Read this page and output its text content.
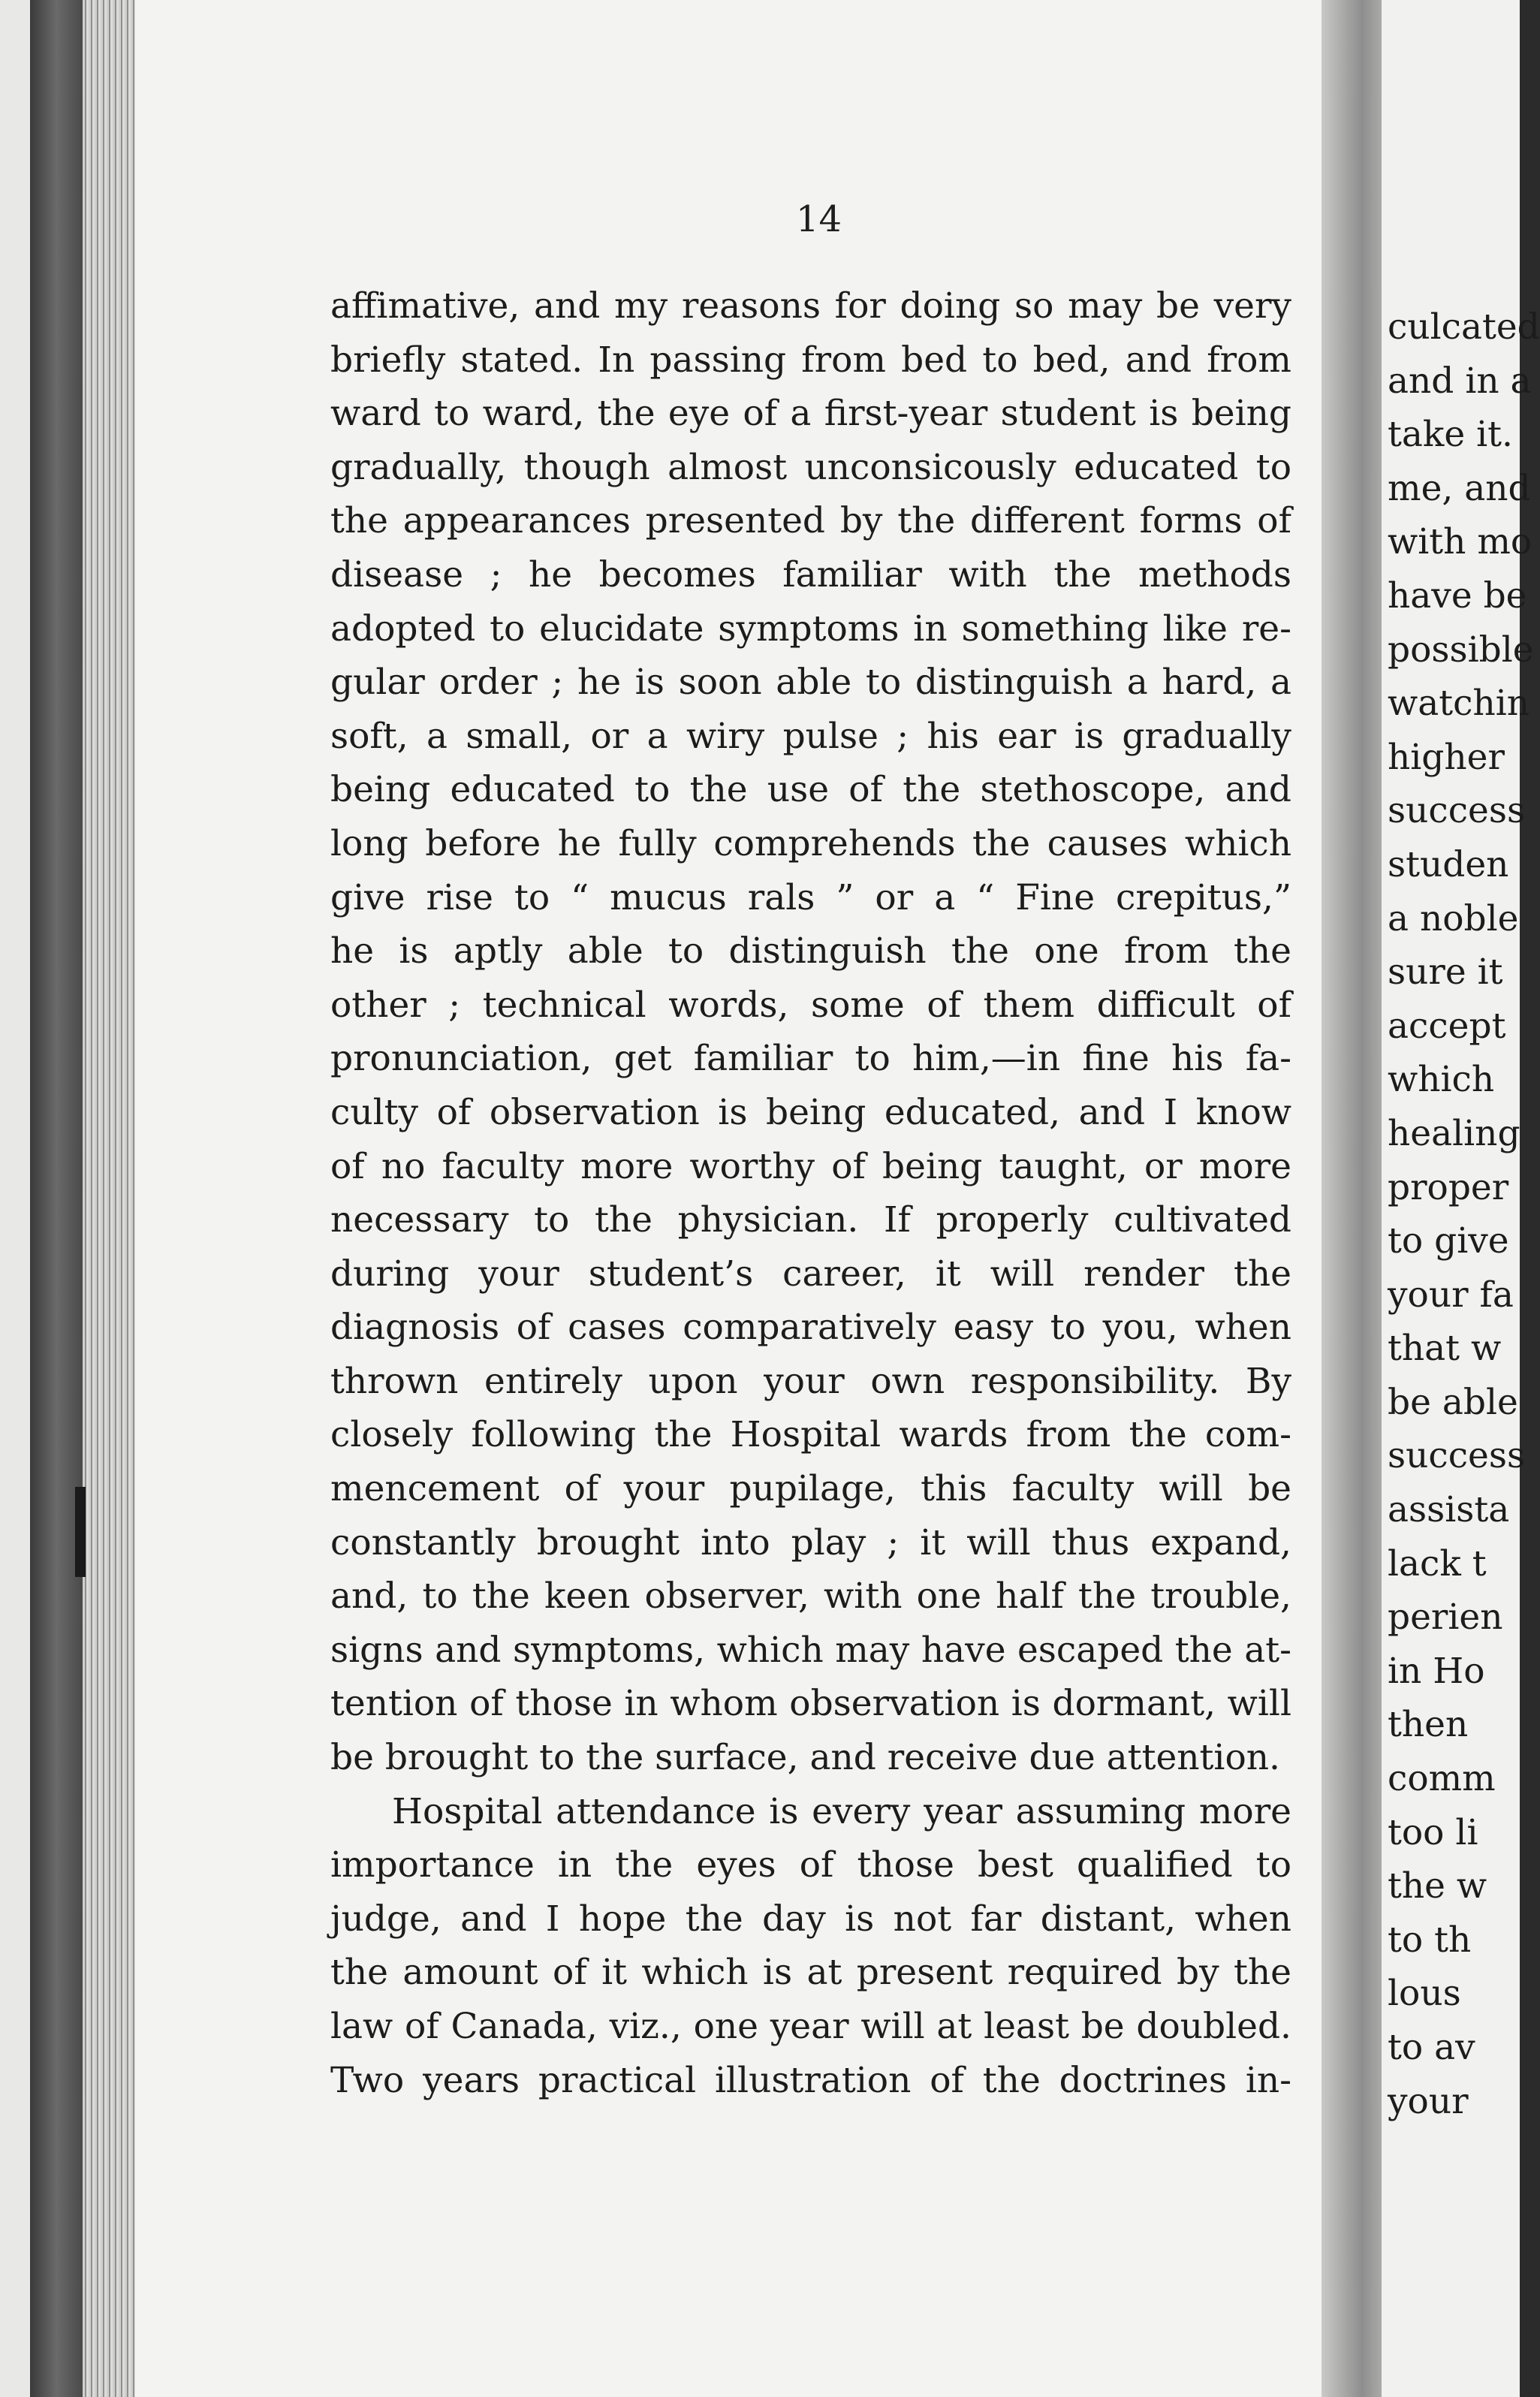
14
affimative, and my reasons for doing so may be very
briefly stated. In passing from bed to bed, and from
ward to ward, the eye of a first-year student is being
gradually, though almost unconsicously educated to
the appearances presented by the different forms of
disease ; he becomes familiar with the methods
adopted to elucidate symptoms in something like re-
gular order ; he is soon able to distinguish a hard, a
soft, a small, or a wiry pulse ; his ear is gradually
being educated to the use of the stethoscope, and
long before he fully comprehends the causes which
give rise to “ mucus rals ” or a “ Fine crepitus,”
he is aptly able to distinguish the one from the
other ; technical words, some of them difficult of
pronunciation, get familiar to him,—in fine his fa-
culty of observation is being educated, and I know
of no faculty more worthy of being taught, or more
necessary to the physician. If properly cultivated
during your student’s career, it will render the
diagnosis of cases comparatively easy to you, when
thrown entirely upon your own responsibility. By
closely following the Hospital wards from the com-
mencement of your pupilage, this faculty will be
constantly brought into play ; it will thus expand,
and, to the keen observer, with one half the trouble,
signs and symptoms, which may have escaped the at-
tention of those in whom observation is dormant, will
be brought to the surface, and receive due attention.
Hospital attendance is every year assuming more
importance in the eyes of those best qualified to
judge, and I hope the day is not far distant, when
the amount of it which is at present required by the
law of Canada, viz., one year will at least be doubled.
Two years practical illustration of the doctrines in-
culcated
and in a
take it.
me, and
with mo
have be
possible
watchin
higher
success
studen
a noble
sure it
accept
which
healing
proper
to give
your fa
that w
be able
success
assista
lack t
perien
in Ho
then
comm
too li
the w
to th
lous
to av
your
